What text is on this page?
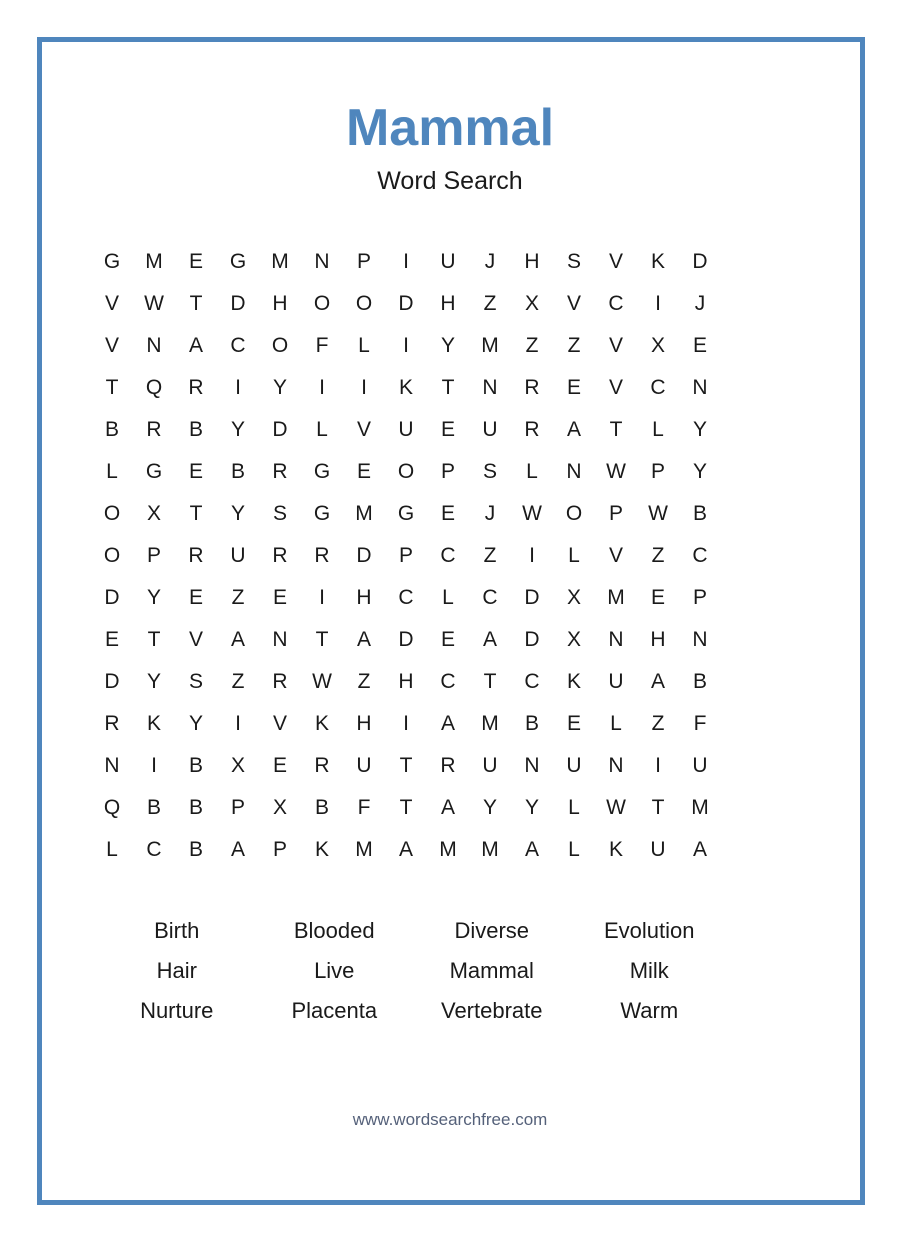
Mammal
Word Search
G	M	E	G	M	N	P	I	U	J	H	S	V	K	D
V	W	T	D	H	O	O	D	H	Z	X	V	C	I	J
V	N	A	C	O	F	L	I	Y	M	Z	Z	V	X	E
T	Q	R	I	Y	I	I	K	T	N	R	E	V	C	N
B	R	B	Y	D	L	V	U	E	U	R	A	T	L	Y
L	G	E	B	R	G	E	O	P	S	L	N	W	P	Y
O	X	T	Y	S	G	M	G	E	J	W	O	P	W	B
O	P	R	U	R	R	D	P	C	Z	I	L	V	Z	C
D	Y	E	Z	E	I	H	C	L	C	D	X	M	E	P
E	T	V	A	N	T	A	D	E	A	D	X	N	H	N
D	Y	S	Z	R	W	Z	H	C	T	C	K	U	A	B
R	K	Y	I	V	K	H	I	A	M	B	E	L	Z	F
N	I	B	X	E	R	U	T	R	U	N	U	N	I	U
Q	B	B	P	X	B	F	T	A	Y	Y	L	W	T	M
L	C	B	A	P	K	M	A	M	M	A	L	K	U	A
Birth	Blooded	Diverse	Evolution
Hair	Live	Mammal	Milk
Nurture	Placenta	Vertebrate	Warm
www.wordsearchfree.com
